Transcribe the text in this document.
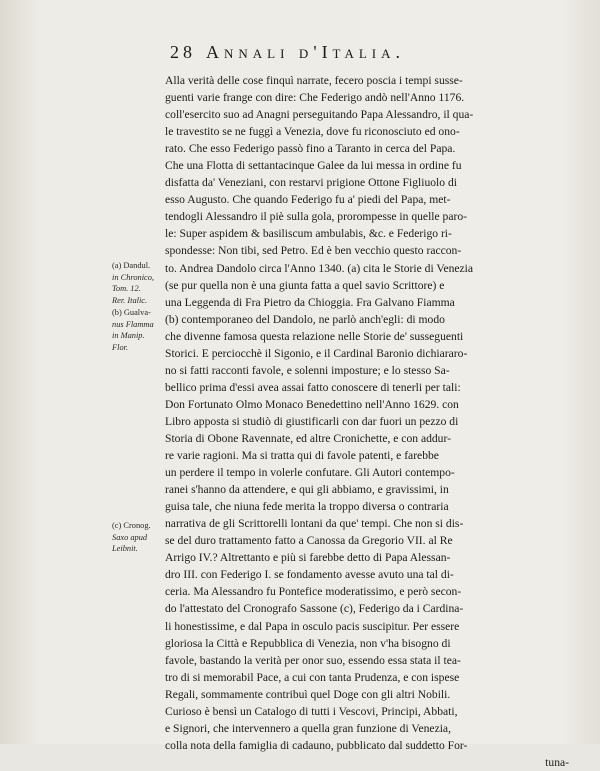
28 Annali d'Italia.
Alla verità delle cose finquì narrate, fecero poscia i tempi susse-
guenti varie frange con dire: Che Federigo andò nell'Anno 1176.
coll'esercito suo ad Anagni perseguitando Papa Alessandro, il qua-
le travestito se ne fuggì a Venezia, dove fu riconosciuto ed ono-
rato. Che esso Federigo passò fino a Taranto in cerca del Papa.
Che una Flotta di settantacinque Galee da lui messa in ordine fu
disfatta da' Veneziani, con restarvi prigione Ottone Figliuolo di
esso Augusto. Che quando Federigo fu a' piedi del Papa, met-
tendogli Alessandro il piè sulla gola, prorompesse in quelle paro-
le: Super aspidem & basiliscum ambulabis, &c. e Federigo ri-
spondesse: Non tibi, sed Petro. Ed è ben vecchio questo raccon-
to. Andrea Dandolo circa l'Anno 1340. (a) cita le Storie di Venezia
(se pur quella non è una giunta fatta a quel savio Scrittore) e
una Leggenda di Fra Pietro da Chioggia. Fra Galvano Fiamma
(b) contemporaneo del Dandolo, ne parlò anch'egli: di modo
che divenne famosa questa relazione nelle Storie de' susseguenti
Storici. E perciocchè il Sigonio, e il Cardinal Baronio dichiararo-
no si fatti racconti favole, e solenni imposture; e lo stesso Sa-
bellico prima d'essi avea assai fatto conoscere di tenerli per tali:
Don Fortunato Olmo Monaco Benedettino nell'Anno 1629. con
Libro apposta si studiò di giustificarli con dar fuori un pezzo di
Storia di Obone Ravennate, ed altre Cronichette, e con addur-
re varie ragioni. Ma si tratta qui di favole patenti, e farebbe
un perdere il tempo in volerle confutare. Gli Autori contempo-
ranei s'hanno da attendere, e qui gli abbiamo, e gravissimi, in
guisa tale, che niuna fede merita la troppo diversa o contraria
narrativa de gli Scrittorelli lontani da que' tempi. Che non si dis-
se del duro trattamento fatto a Canossa da Gregorio VII. al Re
Arrigo IV.? Altrettanto e più si farebbe detto di Papa Alessan-
dro III. con Federigo I. se fondamento avesse avuto una tal di-
ceria. Ma Alessandro fu Pontefice moderatissimo, e però secon-
do l'attestato del Cronografo Sassone (c), Federigo da i Cardina-
li honestissime, e dal Papa in osculo pacis suscipitur. Per essere
gloriosa la Città e Repubblica di Venezia, non v'ha bisogno di
favole, bastando la verità per onor suo, essendo essa stata il tea-
tro di si memorabil Pace, a cui con tanta Prudenza, e con ispese
Regali, sommamente contribuì quel Doge con gli altri Nobili.
Curioso è bensì un Catalogo di tutti i Vescovi, Principi, Abbati,
e Signori, che intervennero a quella gran funzione di Venezia,
colla nota della famiglia di cadauno, pubblicato dal suddetto For-
tuna-
(a) Dandul.
in Chronico,
Tom. 12.
Rer. Italic.
(b) Gualva-
nus Flamma
in Manip.
Flor.
(c) Cronog.
Saxo apud
Leibnit.
